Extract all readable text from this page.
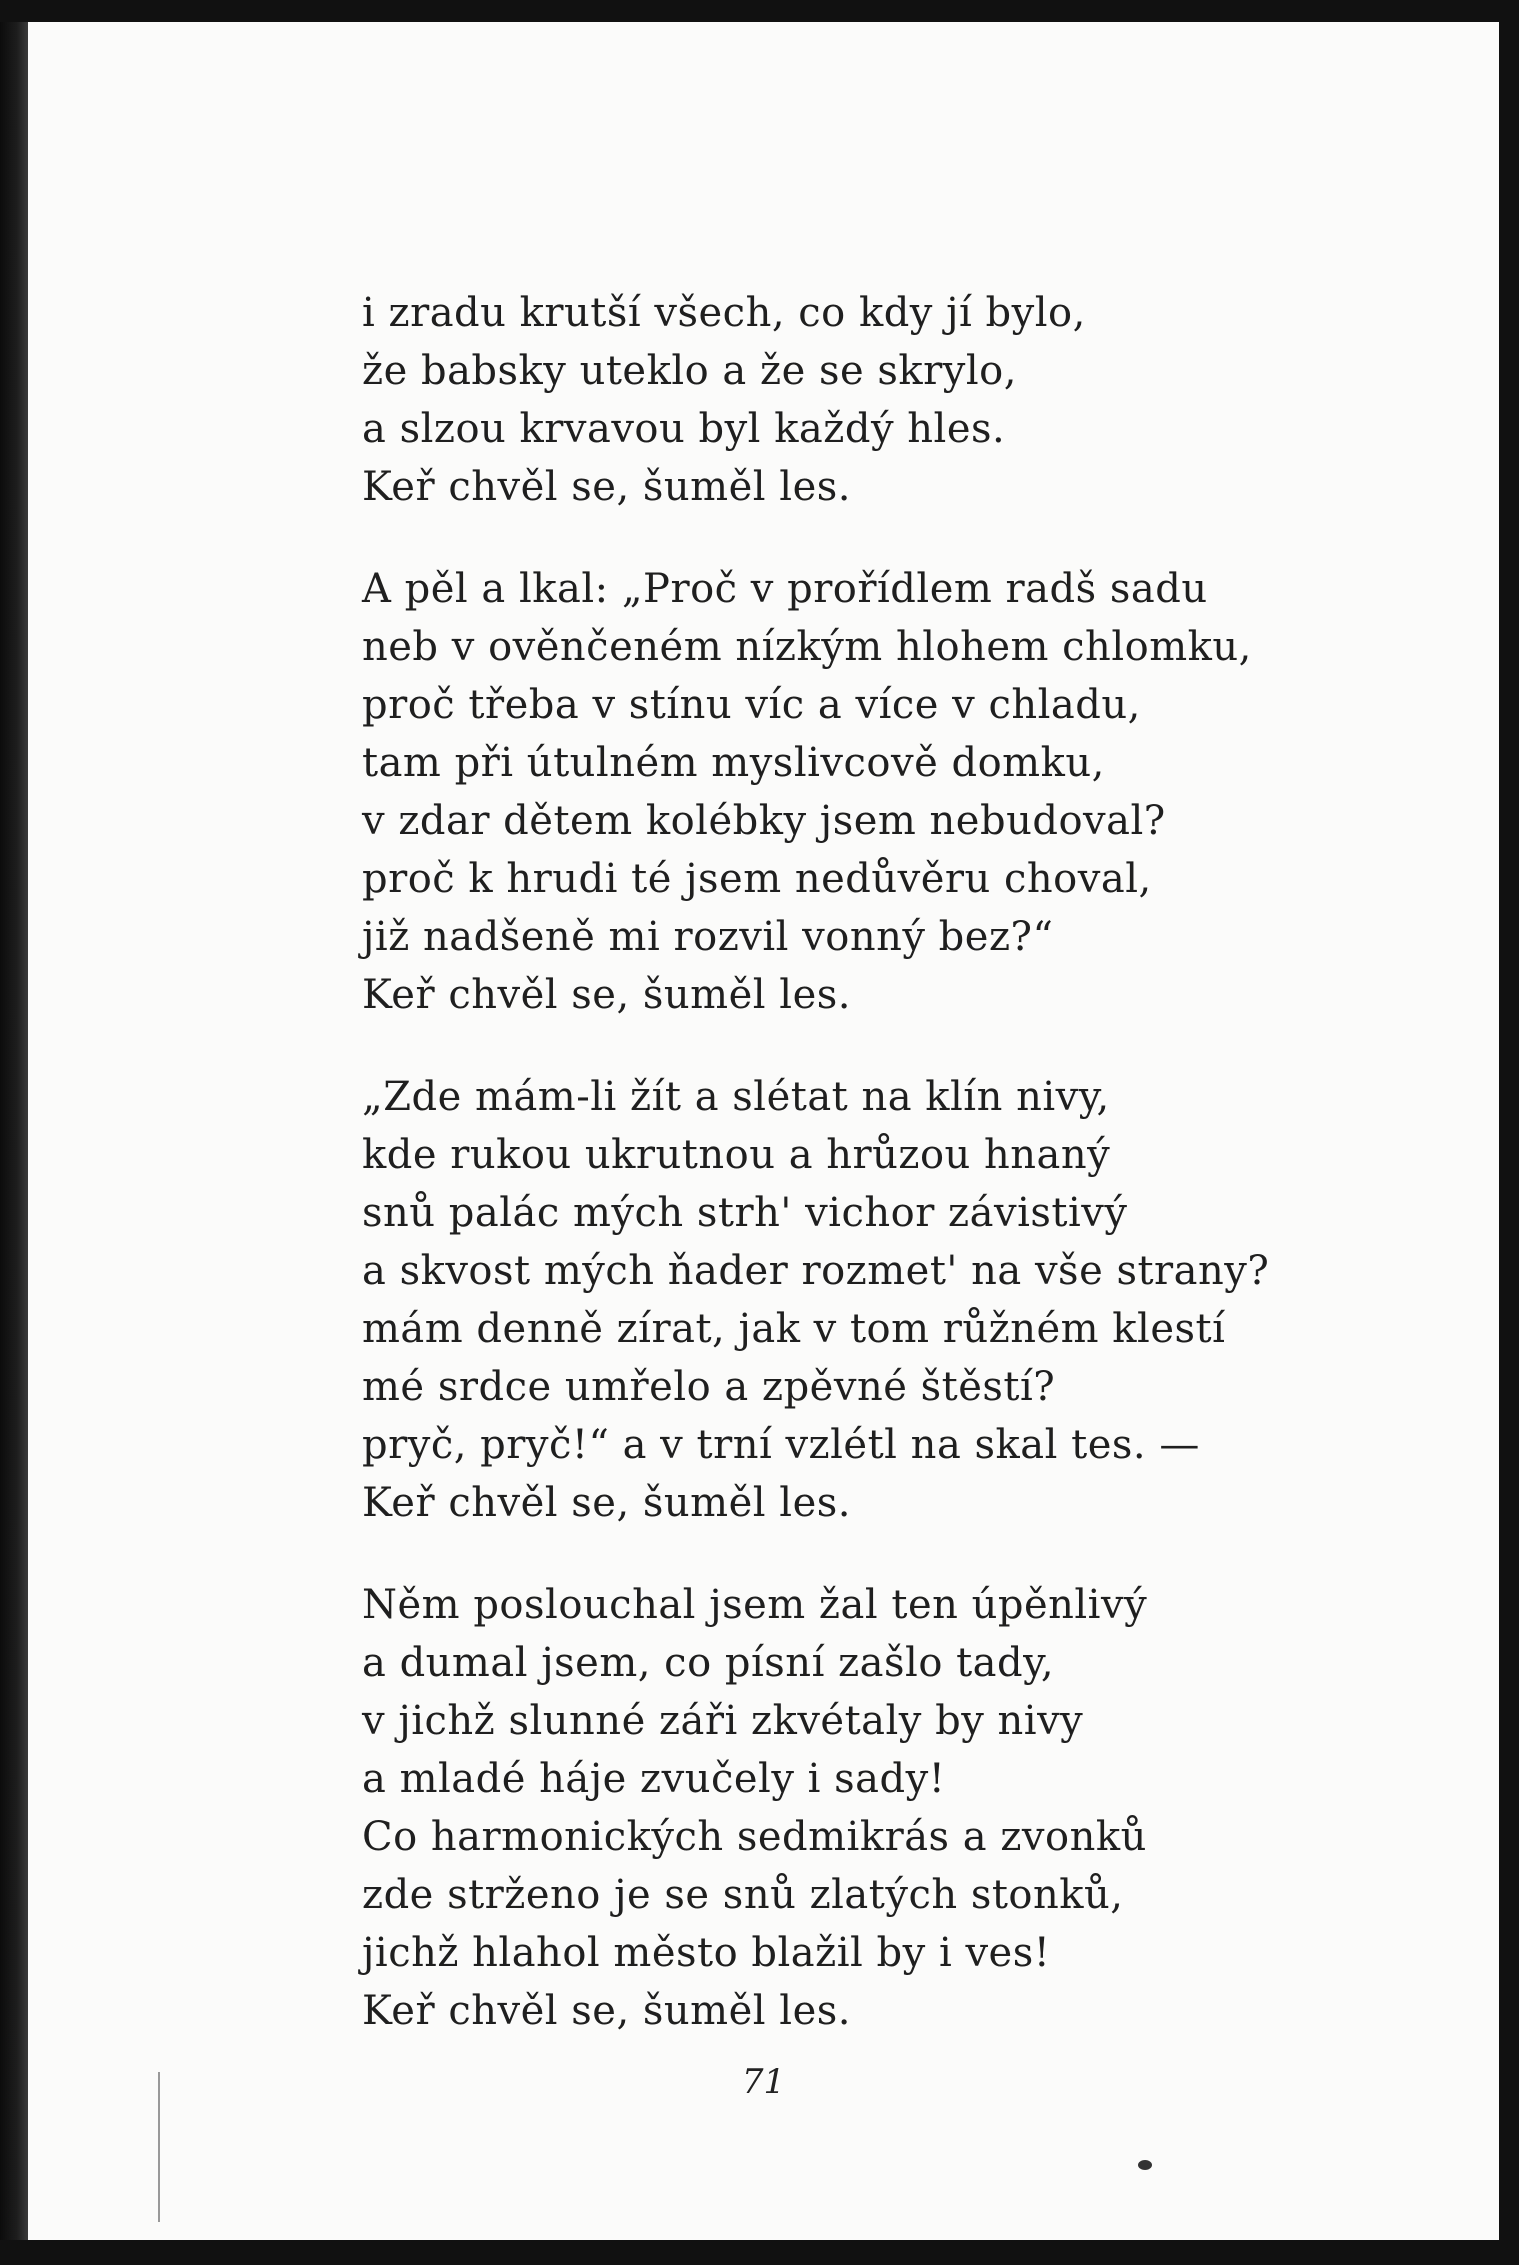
i zradu krutší všech, co kdy jí bylo,
že babsky uteklo a že se skrylo,
a slzou krvavou byl každý hles.
Keř chvěl se, šuměl les.
A pěl a lkal: „Proč v prořídlem radš sadu
neb v ověnčeném nízkým hlohem chlomku,
proč třeba v stínu víc a více v chladu,
tam při útulném myslivcově domku,
v zdar dětem kolébky jsem nebudoval?
proč k hrudi té jsem nedůvěru choval,
již nadšeně mi rozvil vonný bez?“
Keř chvěl se, šuměl les.
„Zde mám-li žít a slétat na klín nivy,
kde rukou ukrutnou a hrůzou hnaný
snů palác mých strh' vichor závistivý
a skvost mých ňader rozmet' na vše strany?
mám denně zírat, jak v tom růžném klestí
mé srdce umřelo a zpěvné štěstí?
pryč, pryč!“ a v trní vzlétl na skal tes. —
Keř chvěl se, šuměl les.
Něm poslouchal jsem žal ten úpěnlivý
a dumal jsem, co písní zašlo tady,
v jichž slunné záři zkvétaly by nivy
a mladé háje zvučely i sady!
Co harmonických sedmikrás a zvonků
zde strženo je se snů zlatých stonků,
jichž hlahol město blažil by i ves!
Keř chvěl se, šuměl les.
71
